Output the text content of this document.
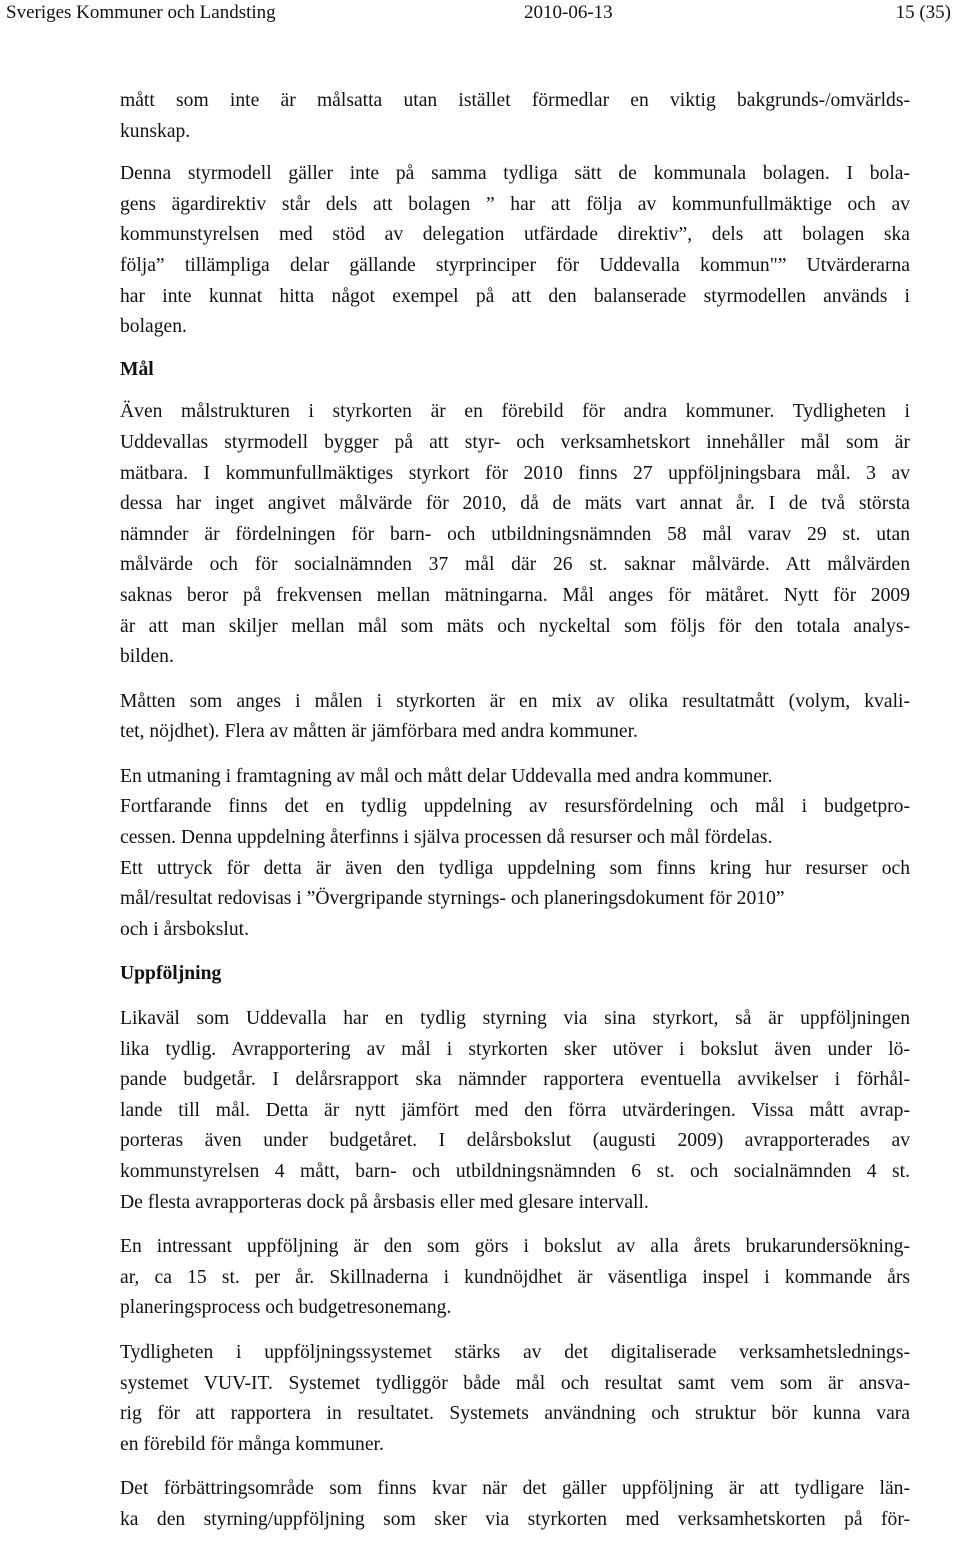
Sveriges Kommuner och Landsting	2010-06-13	15 (35)
mått som inte är målsatta utan istället förmedlar en viktig bakgrunds-/omvärlds-
kunskap.
Denna styrmodell gäller inte på samma tydliga sätt de kommunala bolagen. I bola-
gens ägardirektiv står dels att bolagen ” har att följa av kommunfullmäktige och av
kommunstyrelsen med stöd av delegation utfärdade direktiv”, dels att bolagen ska
följa” tillämpliga delar gällande styrprinciper för Uddevalla kommun"” Utvärderarna
har inte kunnat hitta något exempel på att den balanserade styrmodellen används i
bolagen.
Mål
Även målstrukturen i styrkorten är en förebild för andra kommuner. Tydligheten i
Uddevallas styrmodell bygger på att styr- och verksamhetskort innehåller mål som är
mätbara. I kommunfullmäktiges styrkort för 2010 finns 27 uppföljningsbara mål. 3 av
dessa har inget angivet målvärde för 2010, då de mäts vart annat år. I de två största
nämnder är fördelningen för barn- och utbildningsnämnden 58 mål varav 29 st. utan
målvärde och för socialnämnden 37 mål där 26 st. saknar målvärde. Att målvärden
saknas beror på frekvensen mellan mätningarna. Mål anges för mätåret. Nytt för 2009
är att man skiljer mellan mål som mäts och nyckeltal som följs för den totala analys-
bilden.
Måtten som anges i målen i styrkorten är en mix av olika resultatmått (volym, kvali-
tet, nöjdhet). Flera av måtten är jämförbara med andra kommuner.
En utmaning i framtagning av mål och mått delar Uddevalla med andra kommuner.
Fortfarande finns det en tydlig uppdelning av resursfördelning och mål i budgetpro-
cessen. Denna uppdelning återfinns i själva processen då resurser och mål fördelas.
Ett uttryck för detta är även den tydliga uppdelning som finns kring hur resurser och
mål/resultat redovisas i ”Övergripande styrnings- och planeringsdokument för 2010”
och i årsbokslut.
Uppföljning
Likaväl som Uddevalla har en tydlig styrning via sina styrkort, så är uppföljningen
lika tydlig. Avrapportering av mål i styrkorten sker utöver i bokslut även under lö-
pande budgetår. I delårsrapport ska nämnder rapportera eventuella avvikelser i förhål-
lande till mål. Detta är nytt jämfört med den förra utvärderingen. Vissa mått avrap-
porteras även under budgetåret. I delårsbokslut (augusti 2009) avrapporterades av
kommunstyrelsen 4 mått, barn- och utbildningsnämnden 6 st. och socialnämnden 4 st.
De flesta avrapporteras dock på årsbasis eller med glesare intervall.
En intressant uppföljning är den som görs i bokslut av alla årets brukarundersökning-
ar, ca 15 st. per år. Skillnaderna i kundnöjdhet är väsentliga inspel i kommande års
planeringsprocess och budgetresonemang.
Tydligheten i uppföljningssystemet stärks av det digitaliserade verksamhetslednings-
systemet VUV-IT. Systemet tydliggör både mål och resultat samt vem som är ansva-
rig för att rapportera in resultatet. Systemets användning och struktur bör kunna vara
en förebild för många kommuner.
Det förbättringsområde som finns kvar när det gäller uppföljning är att tydligare län-
ka den styrning/uppföljning som sker via styrkorten med verksamhetskorten på för-
